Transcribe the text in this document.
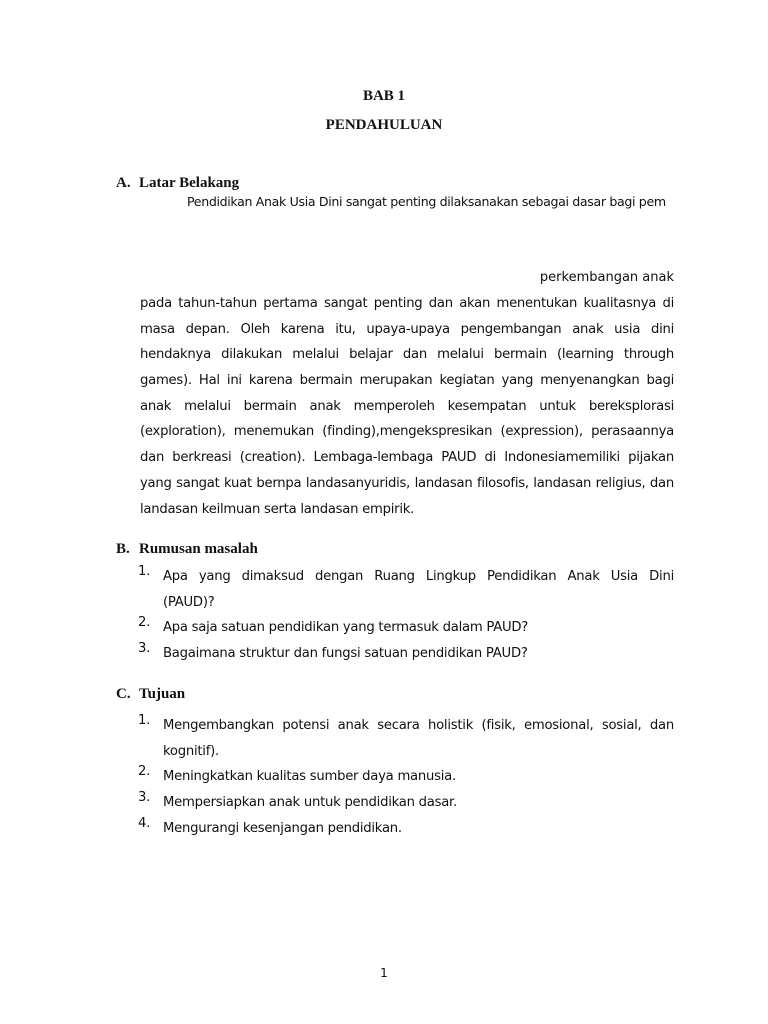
BAB 1
PENDAHULUAN
A. Latar Belakang
Pendidikan Anak Usia Dini sangat penting dilaksanakan sebagai dasar bagi pem
perkembangan anak
pada tahun-tahun pertama sangat penting dan akan menentukan kualitasnya di
masa depan. Oleh karena itu, upaya-upaya pengembangan anak usia dini
hendaknya dilakukan melalui belajar dan melalui bermain (learning through
games). Hal ini karena bermain merupakan kegiatan yang menyenangkan bagi
anak melalui bermain anak memperoleh kesempatan untuk bereksplorasi
(exploration), menemukan (finding),mengekspresikan (expression), perasaannya
dan berkreasi (creation). Lembaga-lembaga PAUD di Indonesiamemiliki pijakan
yang sangat kuat bernpa landasanyuridis, landasan filosofis, landasan religius, dan
landasan keilmuan serta landasan empirik.
B. Rumusan masalah
1. Apa yang dimaksud dengan Ruang Lingkup Pendidikan Anak Usia Dini
(PAUD)?
2. Apa saja satuan pendidikan yang termasuk dalam PAUD?
3. Bagaimana struktur dan fungsi satuan pendidikan PAUD?
C. Tujuan
1. Mengembangkan potensi anak secara holistik (fisik, emosional, sosial, dan
kognitif).
2. Meningkatkan kualitas sumber daya manusia.
3. Mempersiapkan anak untuk pendidikan dasar.
4. Mengurangi kesenjangan pendidikan.
1
